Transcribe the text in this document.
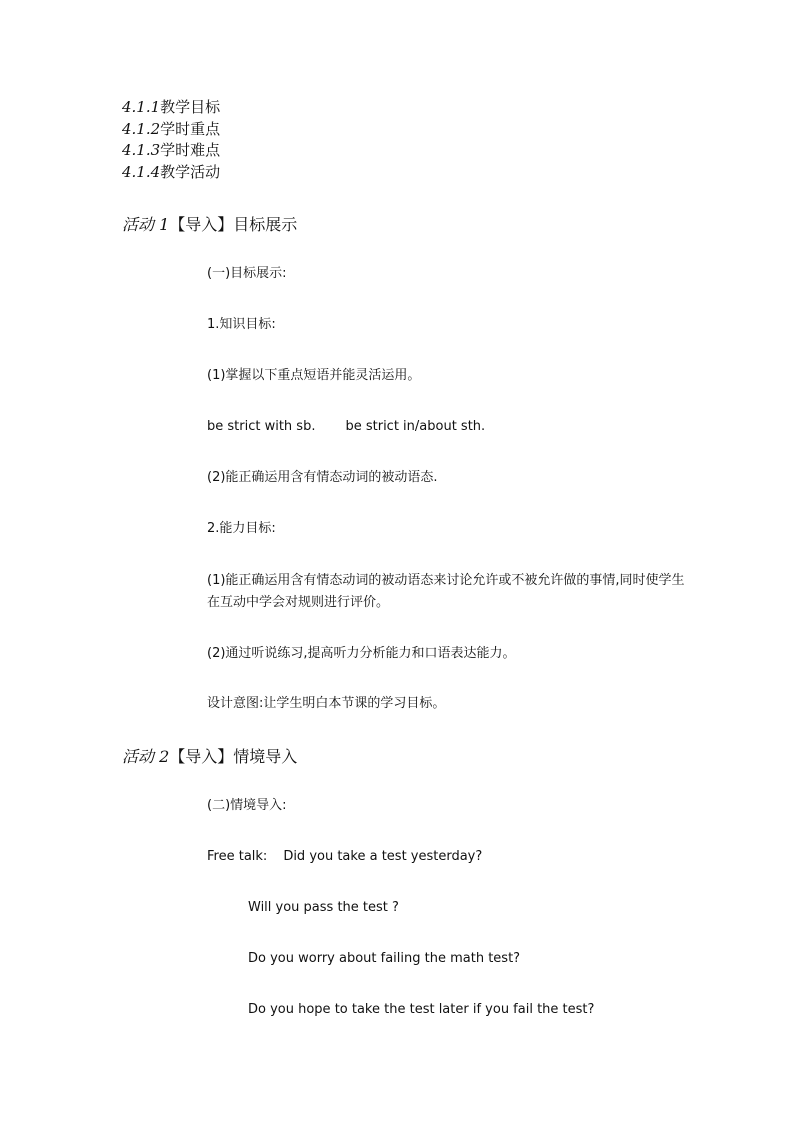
4.1.1教学目标
4.1.2学时重点
4.1.3学时难点
4.1.4教学活动
活动 1【导入】目标展示
(一)目标展示:
1.知识目标:
(1)掌握以下重点短语并能灵活运用。
be strict with sb. be strict in/about sth.
(2)能正确运用含有情态动词的被动语态.
2.能力目标:
(1)能正确运用含有情态动词的被动语态来讨论允许或不被允许做的事情,同时使学生在互动中学会对规则进行评价。
(2)通过听说练习,提高听力分析能力和口语表达能力。
设计意图:让学生明白本节课的学习目标。
活动 2【导入】情境导入
(二)情境导入:
Free talk: Did you take a test yesterday?
Will you pass the test ?
Do you worry about failing the math test?
Do you hope to take the test later if you fail the test?
